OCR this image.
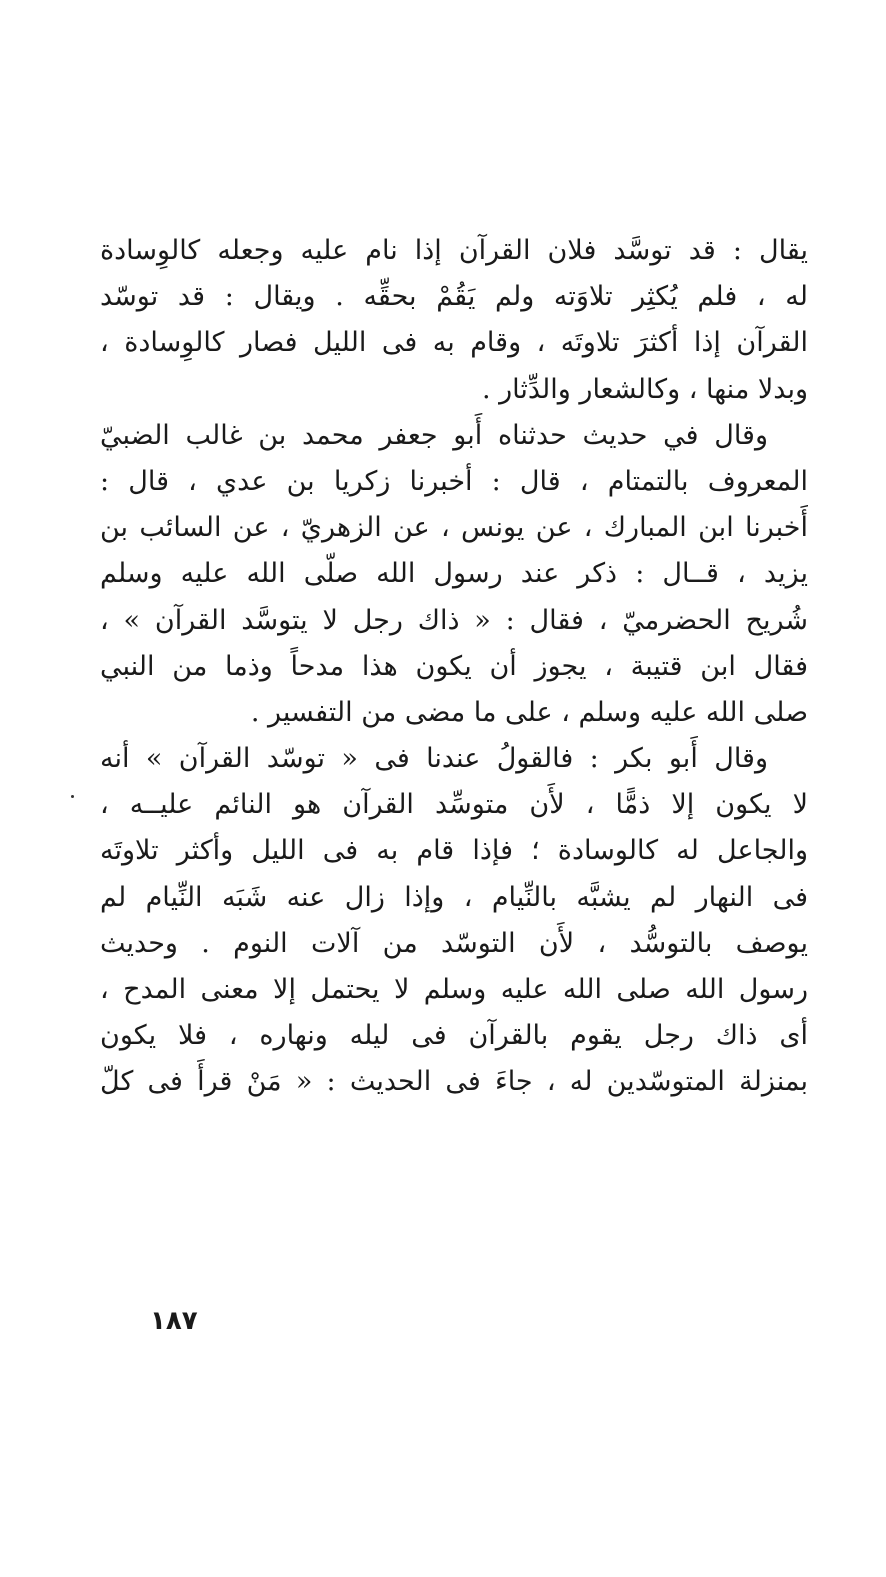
يقال : قد توسَّد فلان القرآن إذا نام عليه وجعله كالوِسادة
له ، فلم يُكثِر تلاوَته ولم يَقُمْ بحقِّه . ويقال : قد توسّد
القرآن إذا أكثرَ تلاوتَه ، وقام به فى الليل فصار كالوِسادة ،
وبدلا منها ، وكالشعار والدِّثار .
وقال في حديث حدثناه أَبو جعفر محمد بن غالب الضبيّ
المعروف بالتمتام ، قال : أخبرنا زكريا بن عدي ، قال :
أَخبرنا ابن المبارك ، عن يونس ، عن الزهريّ ، عن السائب بن
يزيد ، قــال : ذكر عند رسول الله صلّى الله عليه وسلم
شُريح الحضرميّ ، فقال : « ذاك رجل لا يتوسَّد القرآن » ،
فقال ابن قتيبة ، يجوز أن يكون هذا مدحاً وذما من النبي
صلى الله عليه وسلم ، على ما مضى من التفسير .
وقال أَبو بكر : فالقولُ عندنا فى « توسّد القرآن » أنه
لا يكون إلا ذمًّا ، لأَن متوسِّد القرآن هو النائم عليــه ،
والجاعل له كالوسادة ؛ فإذا قام به فى الليل وأكثر تلاوتَه
فى النهار لم يشبَّه بالنِّيام ، وإذا زال عنه شَبَه النِّيام لم
يوصف بالتوسُّد ، لأَن التوسّد من آلات النوم . وحديث
رسول الله صلى الله عليه وسلم لا يحتمل إلا معنى المدح ،
أى ذاك رجل يقوم بالقرآن فى ليله ونهاره ، فلا يكون
بمنزلة المتوسّدين له ، جاءَ فى الحديث : « مَنْ قرأَ فى كلّ
١٨٧
